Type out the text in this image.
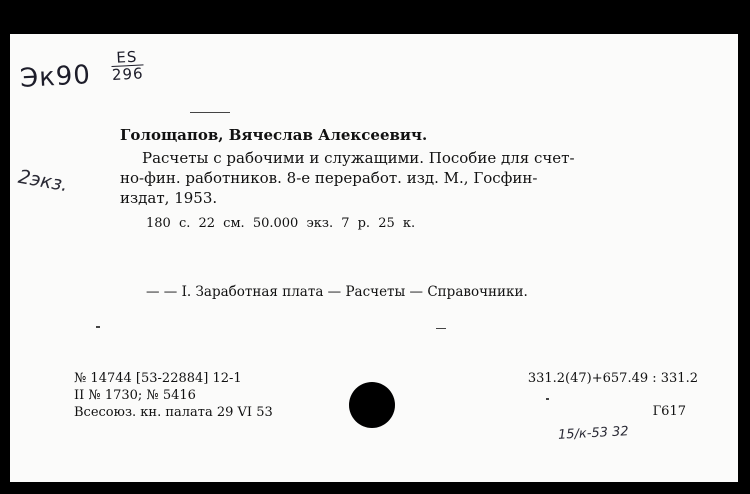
$Эк90 \frac{ES}{296}$
2экз.
Голощапов, Вячеслав Алексеевич.
Расчеты с рабочими и служащими. Пособие для счет-
но-фин. работников. 8-е переработ. изд. М., Госфин-
издат, 1953.
180 с. 22 см. 50.000 экз. 7 р. 25 к.
— — I. Заработная плата — Расчеты — Справочники.
№ 14744 [53-22884] 12-1
II № 1730; № 5416
Всесоюз. кн. палата 29 VI 53
331.2(47)+657.49 : 331.2
Г617
15/к-53 32
